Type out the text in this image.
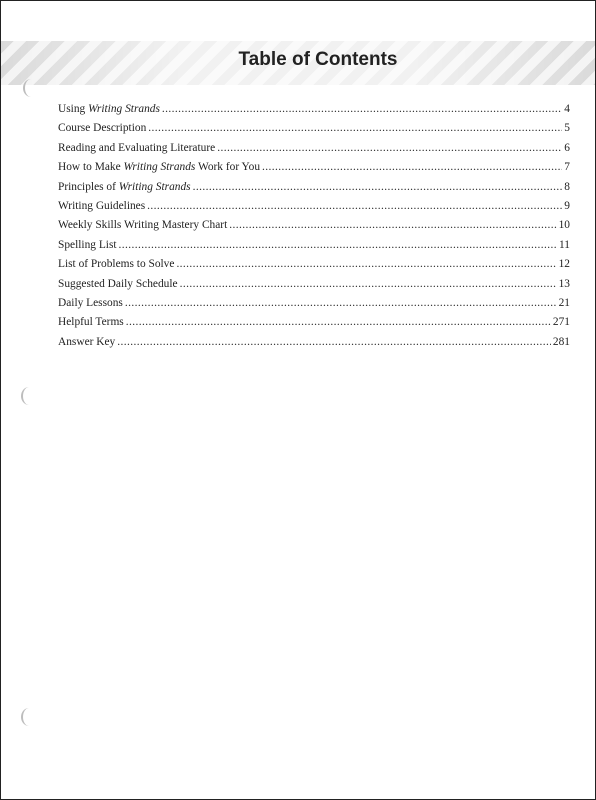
Table of Contents
Using Writing Strands .....	4
Course Description .....	5
Reading and Evaluating Literature .....	6
How to Make Writing Strands Work for You .....	7
Principles of Writing Strands .....	8
Writing Guidelines .....	9
Weekly Skills Writing Mastery Chart .....	10
Spelling List .....	11
List of Problems to Solve .....	12
Suggested Daily Schedule .....	13
Daily Lessons .....	21
Helpful Terms .....	271
Answer Key .....	281
